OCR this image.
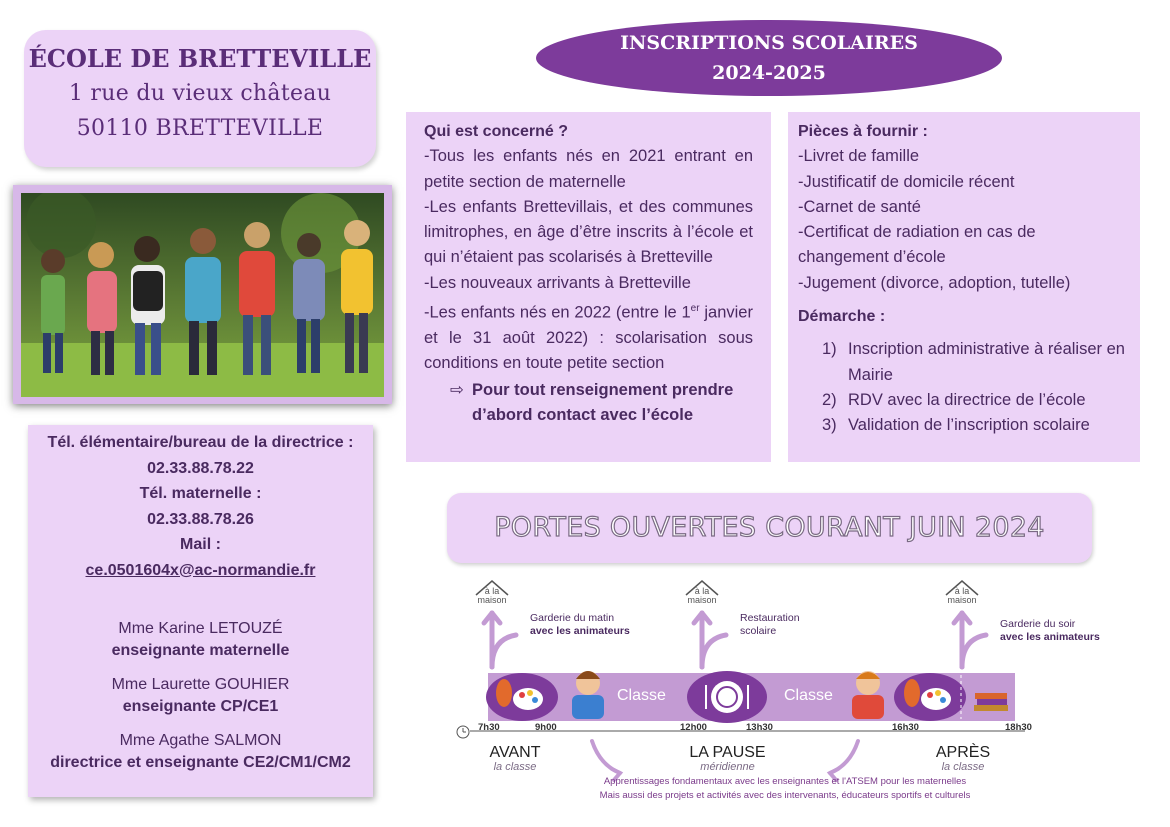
ÉCOLE DE BRETTEVILLE
1 rue du vieux château
50110 BRETTEVILLE
Tél. élémentaire/bureau de la directrice :
02.33.88.78.22
Tél. maternelle :
02.33.88.78.26
Mail :
ce.0501604x@ac-normandie.fr
Mme Karine LETOUZÉ
enseignante maternelle
Mme Laurette GOUHIER
enseignante CP/CE1
Mme Agathe SALMON
directrice et enseignante CE2/CM1/CM2
INSCRIPTIONS SCOLAIRES
2024-2025
Qui est concerné ?
-Tous les enfants nés en 2021 entrant en petite section de maternelle
-Les enfants Brettevillais, et des communes limitrophes, en âge d’être inscrits à l’école et qui n’étaient pas scolarisés à Bretteville
-Les nouveaux arrivants à Bretteville
-Les enfants nés en 2022 (entre le 1er janvier et le 31 août 2022) : scolarisation sous conditions en toute petite section
⇨ Pour tout renseignement prendre d’abord contact avec l’école
Pièces à fournir :
-Livret de famille
-Justificatif de domicile récent
-Carnet de santé
-Certificat de radiation en cas de changement d’école
-Jugement (divorce, adoption, tutelle)
Démarche :
1) Inscription administrative à réaliser en Mairie
2) RDV avec la directrice de l’école
3) Validation de l’inscription scolaire
PORTES OUVERTES COURANT JUIN 2024
à la
maison
à la
maison
à la
maison
Garderie du matin
avec les animateurs
Restauration
scolaire
Garderie du soir
avec les animateurs
Classe	Classe
7h30	9h00	12h00	13h30	16h30	18h30
AVANT
la classe
LA PAUSE
méridienne
APRÈS
la classe
Apprentissages fondamentaux avec les enseignantes et l'ATSEM pour les maternelles
Mais aussi des projets et activités avec des intervenants, éducateurs sportifs et culturels
